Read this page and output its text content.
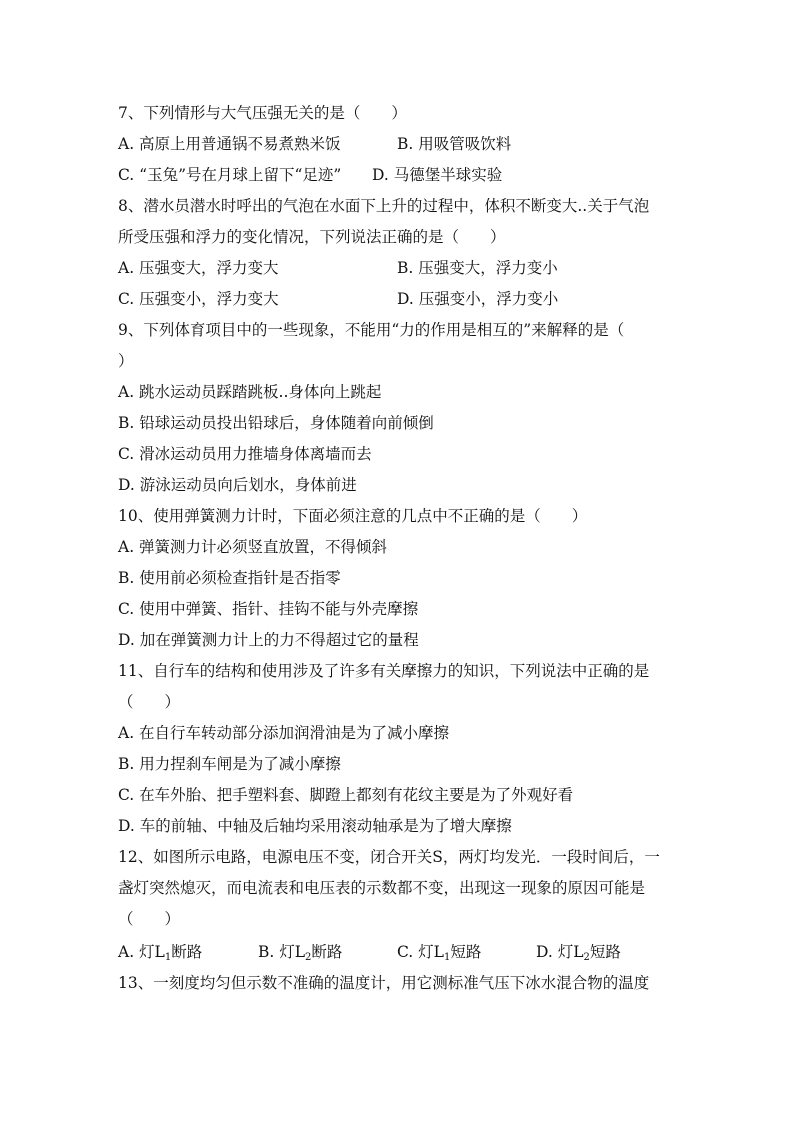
7、下列情形与大气压强无关的是（　　）
A. 高原上用普通锅不易煮熟米饭	B. 用吸管吸饮料
C. “玉兔”号在月球上留下“足迹” D. 马德堡半球实验
8、潜水员潜水时呼出的气泡在水面下上升的过程中，体积不断变大..关于气泡
所受压强和浮力的变化情况，下列说法正确的是（　　）
A. 压强变大，浮力变大	B. 压强变大，浮力变小
C. 压强变小，浮力变大	D. 压强变小，浮力变小
9、下列体育项目中的一些现象，不能用“力的作用是相互的”来解释的是（
）
A. 跳水运动员踩踏跳板..身体向上跳起
B. 铅球运动员投出铅球后，身体随着向前倾倒
C. 滑冰运动员用力推墙身体离墙而去
D. 游泳运动员向后划水，身体前进
10、使用弹簧测力计时，下面必须注意的几点中不正确的是（　　）
A. 弹簧测力计必须竖直放置，不得倾斜
B. 使用前必须检查指针是否指零
C. 使用中弹簧、指针、挂钩不能与外壳摩擦
D. 加在弹簧测力计上的力不得超过它的量程
11、自行车的结构和使用涉及了许多有关摩擦力的知识，下列说法中正确的是
（　　）
A. 在自行车转动部分添加润滑油是为了减小摩擦
B. 用力捏刹车闸是为了减小摩擦
C. 在车外胎、把手塑料套、脚蹬上都刻有花纹主要是为了外观好看
D. 车的前轴、中轴及后轴均采用滚动轴承是为了增大摩擦
12、如图所示电路，电源电压不变，闭合开关S，两灯均发光．一段时间后，一
盏灯突然熄灭，而电流表和电压表的示数都不变，出现这一现象的原因可能是
（　　）
A. 灯$L_1$断路	B. 灯$L_2$断路	C. 灯$L_1$短路	D. 灯$L_2$短路
13、一刻度均匀但示数不准确的温度计，用它测标准气压下冰水混合物的温度
